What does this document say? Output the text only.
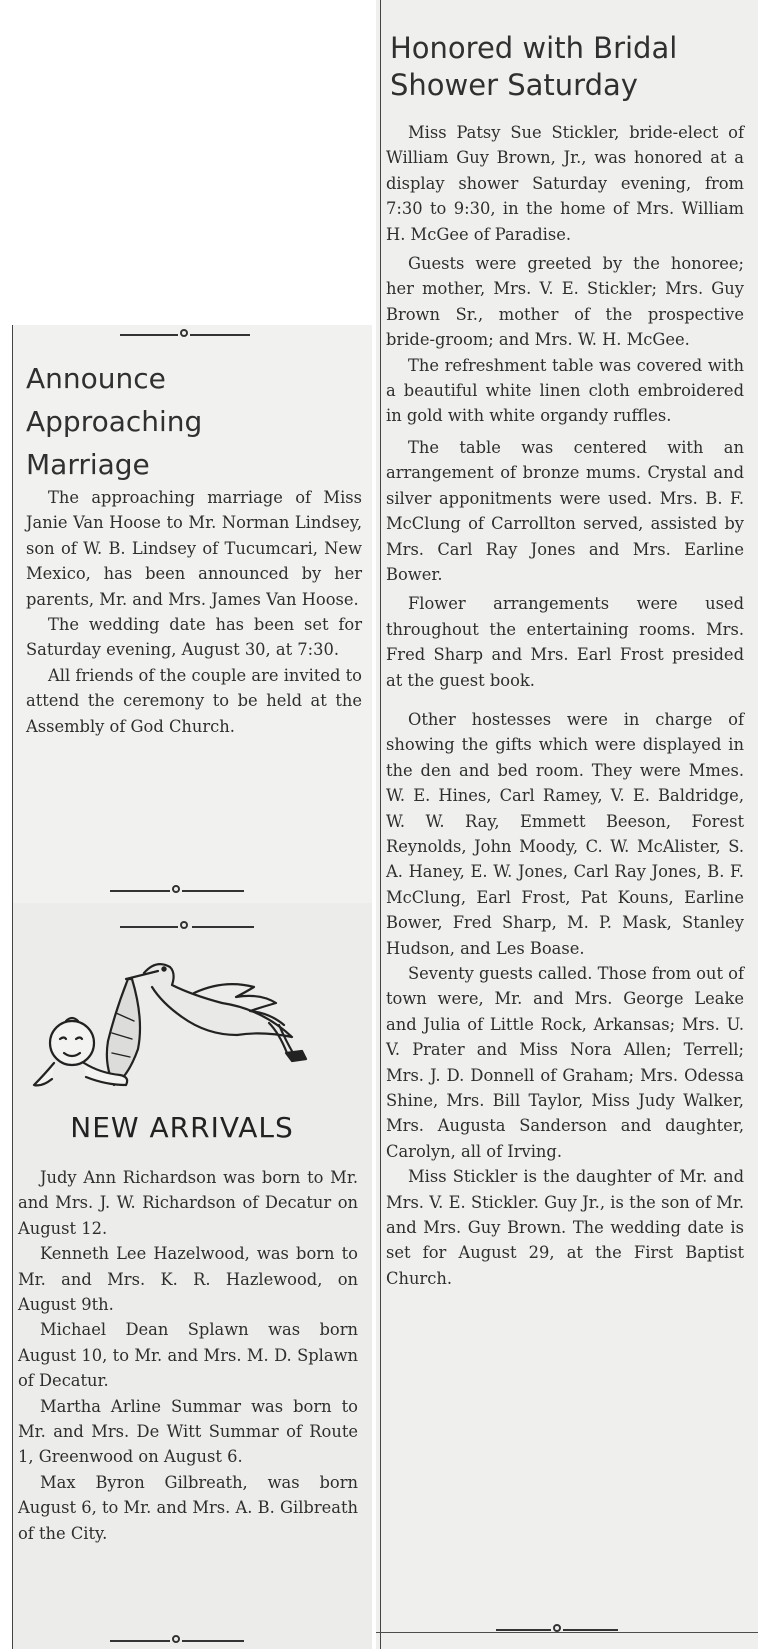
Honored with Bridal
Shower Saturday

Miss Patsy Sue Stickler, bride-elect of William Guy Brown, Jr., was honored at a display shower Saturday evening, from 7:30 to 9:30, in the home of Mrs. William H. McGee of Paradise.

Guests were greeted by the honoree; her mother, Mrs. V. E. Stickler; Mrs. Guy Brown Sr., mother of the prospective bride-groom; and Mrs. W. H. McGee.

The refreshment table was covered with a beautiful white linen cloth embroidered in gold with white organdy ruffles.

The table was centered with an arrangement of bronze mums. Crystal and silver apponitments were used. Mrs. B. F. McClung of Carrollton served, assisted by Mrs. Carl Ray Jones and Mrs. Earline Bower.

Flower arrangements were used throughout the entertaining rooms. Mrs. Fred Sharp and Mrs. Earl Frost presided at the guest book.

Other hostesses were in charge of showing the gifts which were displayed in the den and bed room. They were Mmes. W. E. Hines, Carl Ramey, V. E. Baldridge, W. W. Ray, Emmett Beeson, Forest Reynolds, John Moody, C. W. McAlister, S. A. Haney, E. W. Jones, Carl Ray Jones, B. F. McClung, Earl Frost, Pat Kouns, Earline Bower, Fred Sharp, M. P. Mask, Stanley Hudson, and Les Boase.

Seventy guests called. Those from out of town were, Mr. and Mrs. George Leake and Julia of Little Rock, Arkansas; Mrs. U. V. Prater and Miss Nora Allen; Terrell; Mrs. J. D. Donnell of Graham; Mrs. Odessa Shine, Mrs. Bill Taylor, Miss Judy Walker, Mrs. Augusta Sanderson and daughter, Carolyn, all of Irving.

Miss Stickler is the daughter of Mr. and Mrs. V. E. Stickler. Guy Jr., is the son of Mr. and Mrs. Guy Brown. The wedding date is set for August 29, at the First Baptist Church.

Announce
Approaching
Marriage

The approaching marriage of Miss Janie Van Hoose to Mr. Norman Lindsey, son of W. B. Lindsey of Tucumcari, New Mexico, has been announced by her parents, Mr. and Mrs. James Van Hoose.

The wedding date has been set for Saturday evening, August 30, at 7:30.

All friends of the couple are invited to attend the ceremony to be held at the Assembly of God Church.

NEW ARRIVALS

Judy Ann Richardson was born to Mr. and Mrs. J. W. Richardson of Decatur on August 12.

Kenneth Lee Hazelwood, was born to Mr. and Mrs. K. R. Hazlewood, on August 9th.

Michael Dean Splawn was born August 10, to Mr. and Mrs. M. D. Splawn of Decatur.

Martha Arline Summar was born to Mr. and Mrs. De Witt Summar of Route 1, Greenwood on August 6.

Max Byron Gilbreath, was born August 6, to Mr. and Mrs. A. B. Gilbreath of the City.
